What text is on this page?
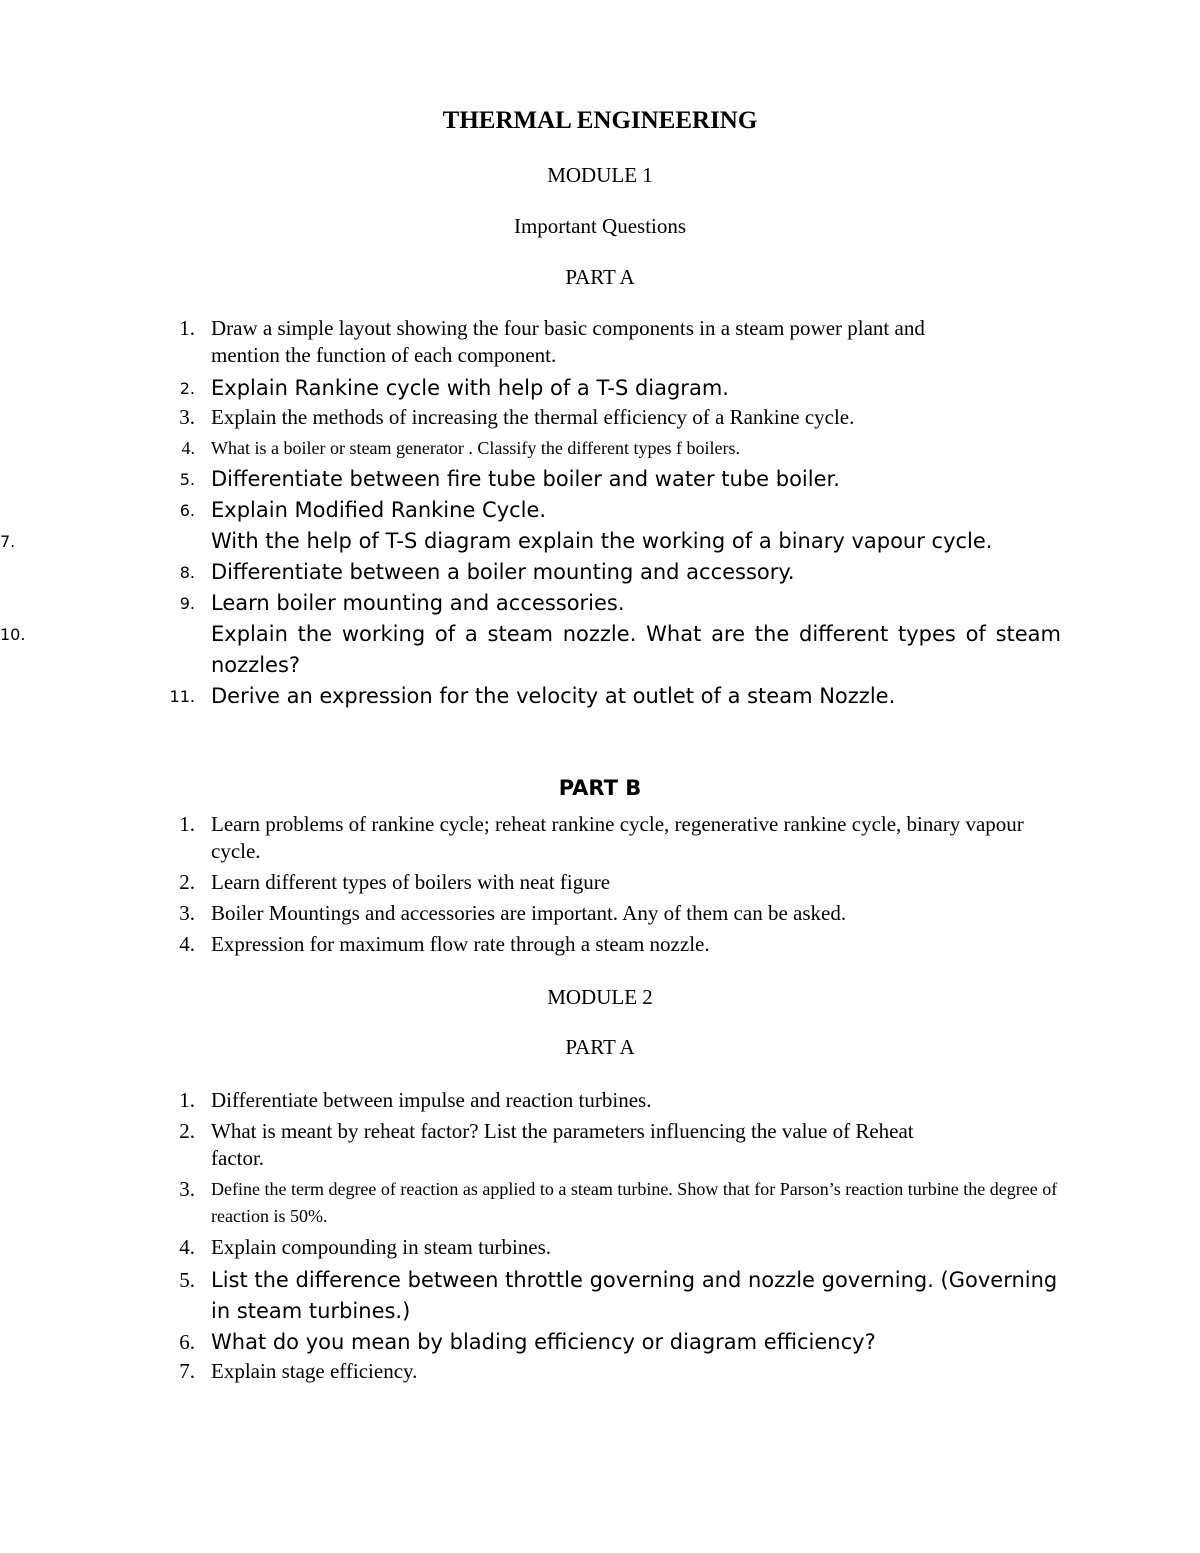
THERMAL ENGINEERING
MODULE 1
Important Questions
PART A
1. Draw a simple layout showing the four basic components in a steam power plant and mention the function of each component.
2. Explain Rankine cycle with help of a T-S diagram.
3. Explain the methods of increasing the thermal efficiency of a Rankine cycle.
4. What is a boiler or steam generator . Classify the different types f boilers.
5. Differentiate between fire tube boiler and water tube boiler.
6. Explain Modified Rankine Cycle.
7.	With the help of T-S diagram explain the working of a binary vapour cycle.
8. Differentiate between a boiler mounting and accessory.
9. Learn boiler mounting and accessories.
10.	Explain the working of a steam nozzle. What are the different types of steam nozzles?
11. Derive an expression for the velocity at outlet of a steam Nozzle.
PART B
1. Learn problems of rankine cycle; reheat rankine cycle, regenerative rankine cycle, binary vapour cycle.
2. Learn different types of boilers with neat figure
3. Boiler Mountings and accessories are important. Any of them can be asked.
4. Expression for maximum flow rate through a steam nozzle.
MODULE 2
PART A
1. Differentiate between impulse and reaction turbines.
2. What is meant by reheat factor? List the parameters influencing the value of Reheat factor.
3. Define the term degree of reaction as applied to a steam turbine. Show that for Parson’s reaction turbine the degree of reaction is 50%.
4. Explain compounding in steam turbines.
5. List the difference between throttle governing and nozzle governing. (Governing in steam turbines.)
6. What do you mean by blading efficiency or diagram efficiency?
7. Explain stage efficiency.
